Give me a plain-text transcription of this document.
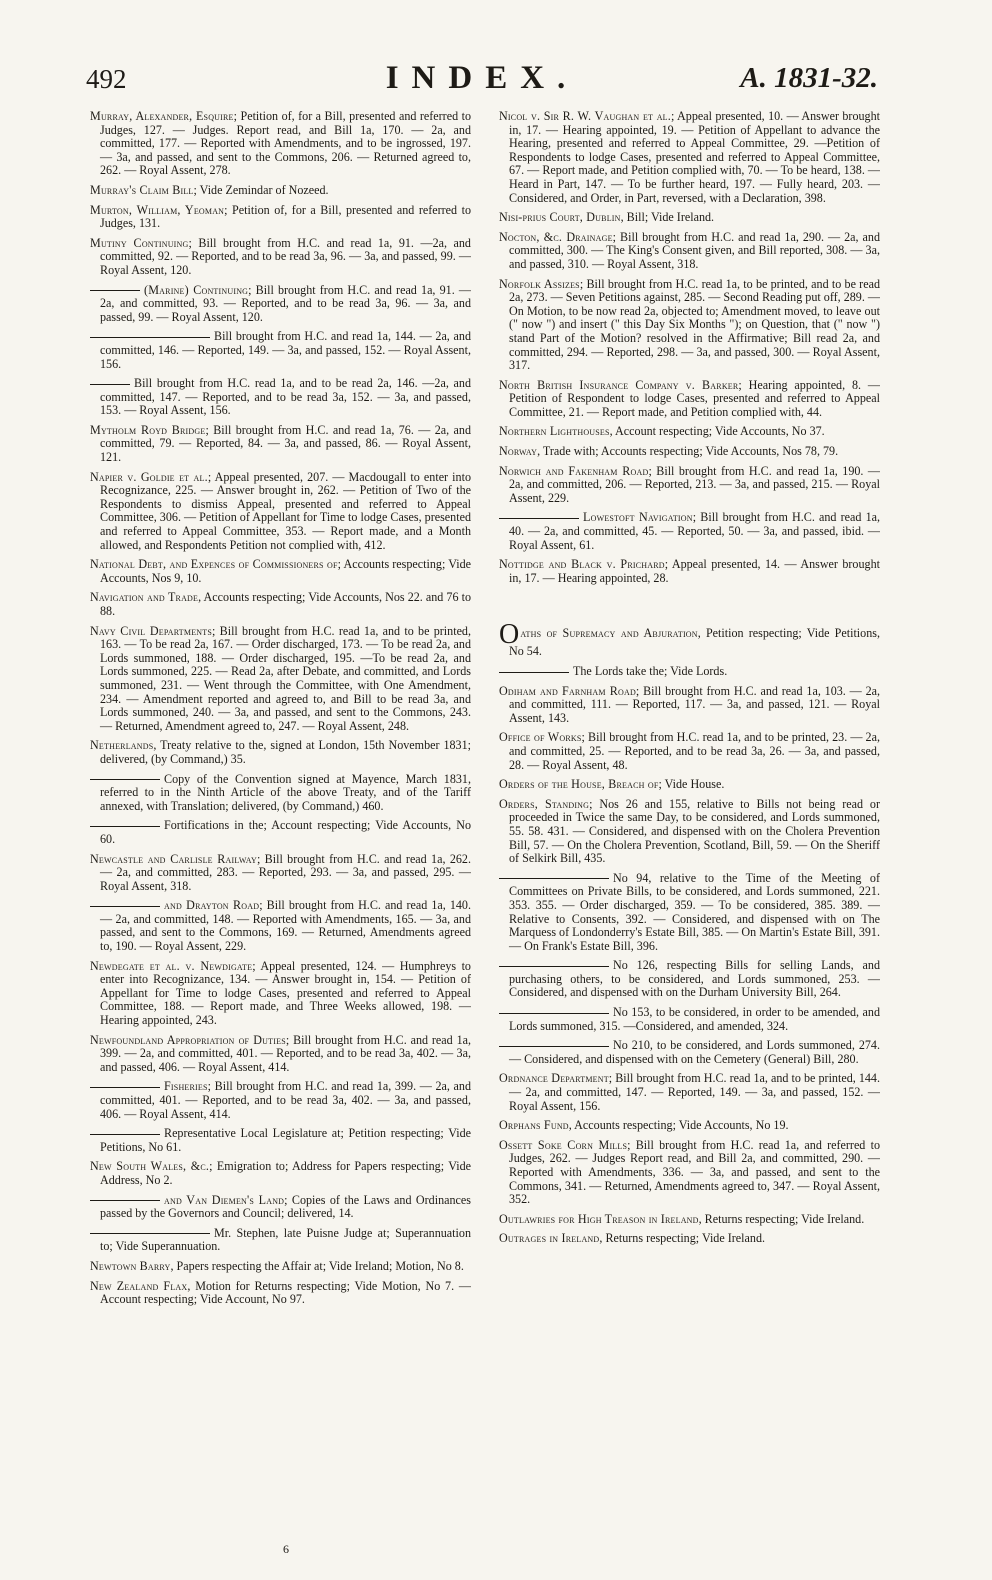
492	INDEX.	A. 1831-32.

Murray, Alexander, Esquire; Petition of, for a Bill, presented and referred to Judges, 127. — Judges. Report read, and Bill 1a, 170. — 2a, and committed, 177. — Reported with Amendments, and to be ingrossed, 197. — 3a, and passed, and sent to the Commons, 206. — Returned agreed to, 262. — Royal Assent, 278.

Murray's Claim Bill; Vide Zemindar of Nozeed.

Murton, William, Yeoman; Petition of, for a Bill, presented and referred to Judges, 131.

Mutiny Continuing; Bill brought from H.C. and read 1a, 91. —2a, and committed, 92. — Reported, and to be read 3a, 96. — 3a, and passed, 99. — Royal Assent, 120.

(Marine) Continuing; Bill brought from H.C. and read 1a, 91. — 2a, and committed, 93. — Reported, and to be read 3a, 96. — 3a, and passed, 99. — Royal Assent, 120.

Bill brought from H.C. and read 1a, 144. — 2a, and committed, 146. — Reported, 149. — 3a, and passed, 152. — Royal Assent, 156.

Bill brought from H.C. read 1a, and to be read 2a, 146. —2a, and committed, 147. — Reported, and to be read 3a, 152. — 3a, and passed, 153. — Royal Assent, 156.

Mytholm Royd Bridge; Bill brought from H.C. and read 1a, 76. — 2a, and committed, 79. — Reported, 84. — 3a, and passed, 86. — Royal Assent, 121.

Napier v. Goldie et al.; Appeal presented, 207. — Macdougall to enter into Recognizance, 225. — Answer brought in, 262. — Petition of Two of the Respondents to dismiss Appeal, presented and referred to Appeal Committee, 306. — Petition of Appellant for Time to lodge Cases, presented and referred to Appeal Committee, 353. — Report made, and a Month allowed, and Respondents Petition not complied with, 412.

National Debt, and Expences of Commissioners of; Accounts respecting; Vide Accounts, Nos 9, 10.

Navigation and Trade, Accounts respecting; Vide Accounts, Nos 22. and 76 to 88.

Navy Civil Departments; Bill brought from H.C. read 1a, and to be printed, 163. — To be read 2a, 167. — Order discharged, 173. — To be read 2a, and Lords summoned, 188. — Order discharged, 195. —To be read 2a, and Lords summoned, 225. — Read 2a, after Debate, and committed, and Lords summoned, 231. — Went through the Committee, with One Amendment, 234. — Amendment reported and agreed to, and Bill to be read 3a, and Lords summoned, 240. — 3a, and passed, and sent to the Commons, 243. — Returned, Amendment agreed to, 247. — Royal Assent, 248.

Netherlands, Treaty relative to the, signed at London, 15th November 1831; delivered, (by Command,) 35.

Copy of the Convention signed at Mayence, March 1831, referred to in the Ninth Article of the above Treaty, and of the Tariff annexed, with Translation; delivered, (by Command,) 460.

Fortifications in the; Account respecting; Vide Accounts, No 60.

Newcastle and Carlisle Railway; Bill brought from H.C. and read 1a, 262. — 2a, and committed, 283. — Reported, 293. — 3a, and passed, 295. — Royal Assent, 318.

and Drayton Road; Bill brought from H.C. and read 1a, 140. — 2a, and committed, 148. — Reported with Amendments, 165. — 3a, and passed, and sent to the Commons, 169. — Returned, Amendments agreed to, 190. — Royal Assent, 229.

Newdegate et al. v. Newdigate; Appeal presented, 124. — Humphreys to enter into Recognizance, 134. — Answer brought in, 154. — Petition of Appellant for Time to lodge Cases, presented and referred to Appeal Committee, 188. — Report made, and Three Weeks allowed, 198. — Hearing appointed, 243.

Newfoundland Appropriation of Duties; Bill brought from H.C. and read 1a, 399. — 2a, and committed, 401. — Reported, and to be read 3a, 402. — 3a, and passed, 406. — Royal Assent, 414.

Fisheries; Bill brought from H.C. and read 1a, 399. — 2a, and committed, 401. — Reported, and to be read 3a, 402. — 3a, and passed, 406. — Royal Assent, 414.

Representative Local Legislature at; Petition respecting; Vide Petitions, No 61.

New South Wales, &c.; Emigration to; Address for Papers respecting; Vide Address, No 2.

and Van Diemen's Land; Copies of the Laws and Ordinances passed by the Governors and Council; delivered, 14.

Mr. Stephen, late Puisne Judge at; Superannuation to; Vide Superannuation.

Newtown Barry, Papers respecting the Affair at; Vide Ireland; Motion, No 8.

New Zealand Flax, Motion for Returns respecting; Vide Motion, No 7. — Account respecting; Vide Account, No 97.

Nicol v. Sir R. W. Vaughan et al.; Appeal presented, 10. — Answer brought in, 17. — Hearing appointed, 19. — Petition of Appellant to advance the Hearing, presented and referred to Appeal Committee, 29. —Petition of Respondents to lodge Cases, presented and referred to Appeal Committee, 67. — Report made, and Petition complied with, 70. — To be heard, 138. — Heard in Part, 147. — To be further heard, 197. — Fully heard, 203. — Considered, and Order, in Part, reversed, with a Declaration, 398.

Nisi-prius Court, Dublin, Bill; Vide Ireland.

Nocton, &c. Drainage; Bill brought from H.C. and read 1a, 290. — 2a, and committed, 300. — The King's Consent given, and Bill reported, 308. — 3a, and passed, 310. — Royal Assent, 318.

Norfolk Assizes; Bill brought from H.C. read 1a, to be printed, and to be read 2a, 273. — Seven Petitions against, 285. — Second Reading put off, 289. — On Motion, to be now read 2a, objected to; Amendment moved, to leave out (" now ") and insert (" this Day Six Months "); on Question, that (" now ") stand Part of the Motion? resolved in the Affirmative; Bill read 2a, and committed, 294. — Reported, 298. — 3a, and passed, 300. — Royal Assent, 317.

North British Insurance Company v. Barker; Hearing appointed, 8. — Petition of Respondent to lodge Cases, presented and referred to Appeal Committee, 21. — Report made, and Petition complied with, 44.

Northern Lighthouses, Account respecting; Vide Accounts, No 37.

Norway, Trade with; Accounts respecting; Vide Accounts, Nos 78, 79.

Norwich and Fakenham Road; Bill brought from H.C. and read 1a, 190. — 2a, and committed, 206. — Reported, 213. — 3a, and passed, 215. — Royal Assent, 229.

Lowestoft Navigation; Bill brought from H.C. and read 1a, 40. — 2a, and committed, 45. — Reported, 50. — 3a, and passed, ibid. — Royal Assent, 61.

Nottidge and Black v. Prichard; Appeal presented, 14. — Answer brought in, 17. — Hearing appointed, 28.

Oaths of Supremacy and Abjuration, Petition respecting; Vide Petitions, No 54.

The Lords take the; Vide Lords.

Odiham and Farnham Road; Bill brought from H.C. and read 1a, 103. — 2a, and committed, 111. — Reported, 117. — 3a, and passed, 121. — Royal Assent, 143.

Office of Works; Bill brought from H.C. read 1a, and to be printed, 23. — 2a, and committed, 25. — Reported, and to be read 3a, 26. — 3a, and passed, 28. — Royal Assent, 48.

Orders of the House, Breach of; Vide House.

Orders, Standing; Nos 26 and 155, relative to Bills not being read or proceeded in Twice the same Day, to be considered, and Lords summoned, 55. 58. 431. — Considered, and dispensed with on the Cholera Prevention Bill, 57. — On the Cholera Prevention, Scotland, Bill, 59. — On the Sheriff of Selkirk Bill, 435.

No 94, relative to the Time of the Meeting of Committees on Private Bills, to be considered, and Lords summoned, 221. 353. 355. — Order discharged, 359. — To be considered, 385. 389. —Relative to Consents, 392. — Considered, and dispensed with on The Marquess of Londonderry's Estate Bill, 385. — On Martin's Estate Bill, 391. — On Frank's Estate Bill, 396.

No 126, respecting Bills for selling Lands, and purchasing others, to be considered, and Lords summoned, 253. — Considered, and dispensed with on the Durham University Bill, 264.

No 153, to be considered, in order to be amended, and Lords summoned, 315. —Considered, and amended, 324.

No 210, to be considered, and Lords summoned, 274. — Considered, and dispensed with on the Cemetery (General) Bill, 280.

Ordnance Department; Bill brought from H.C. read 1a, and to be printed, 144. — 2a, and committed, 147. — Reported, 149. — 3a, and passed, 152. — Royal Assent, 156.

Orphans Fund, Accounts respecting; Vide Accounts, No 19.

Ossett Soke Corn Mills; Bill brought from H.C. read 1a, and referred to Judges, 262. — Judges Report read, and Bill 2a, and committed, 290. — Reported with Amendments, 336. — 3a, and passed, and sent to the Commons, 341. — Returned, Amendments agreed to, 347. — Royal Assent, 352.

Outlawries for High Treason in Ireland, Returns respecting; Vide Ireland.

Outrages in Ireland, Returns respecting; Vide Ireland.

6
